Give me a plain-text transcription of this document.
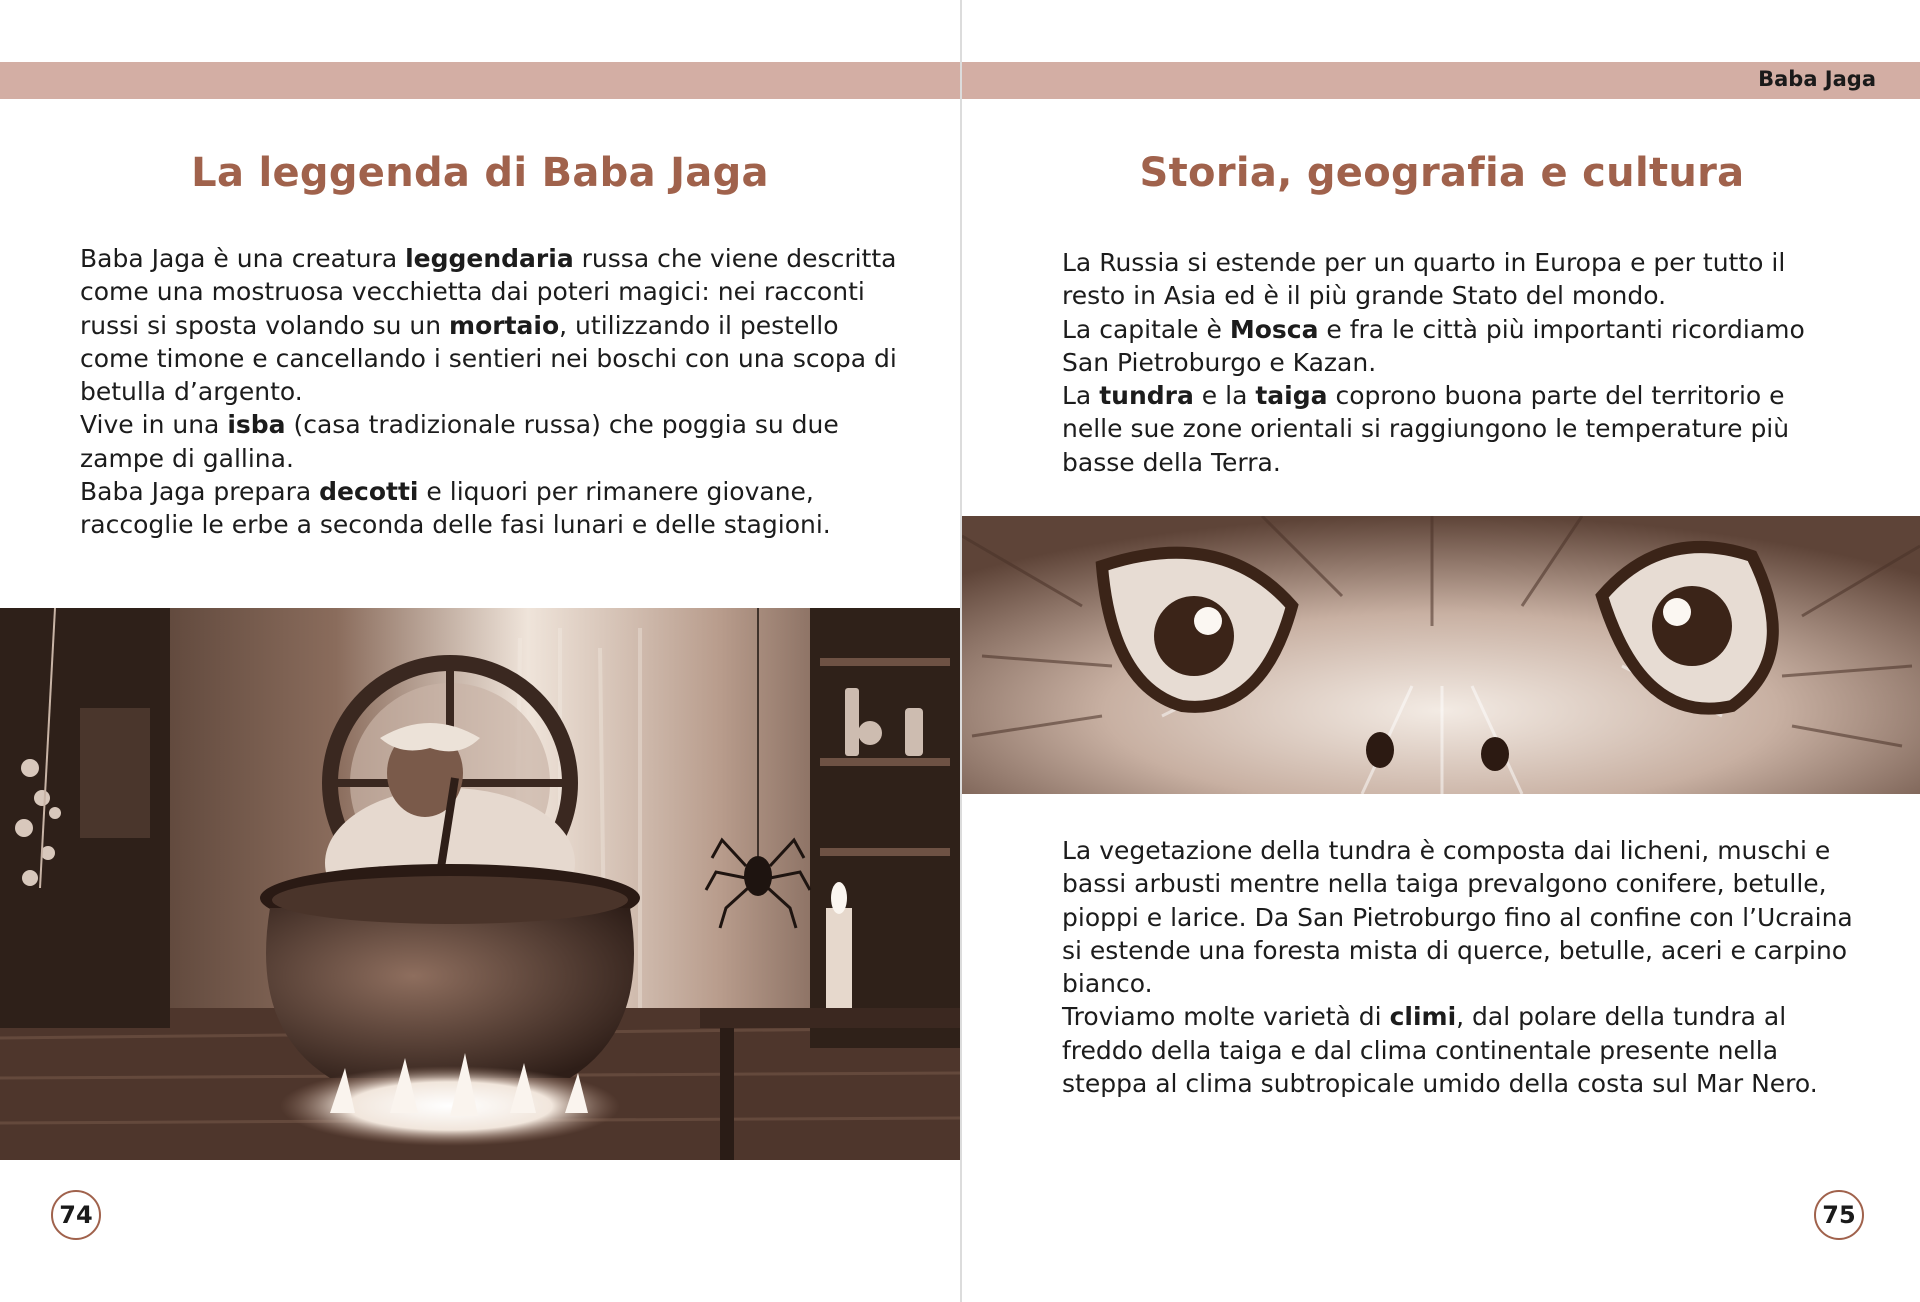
La leggenda di Baba Jaga

Baba Jaga è una creatura leggendaria russa che viene descritta come una mostruosa vecchietta dai poteri magici: nei racconti russi si sposta volando su un mortaio, utilizzando il pestello come timone e cancellando i sentieri nei boschi con una scopa di betulla d’argento.

Vive in una isba (casa tradizionale russa) che poggia su due zampe di gallina.

Baba Jaga prepara decotti e liquori per rimanere giovane, raccoglie le erbe a seconda delle fasi lunari e delle stagioni.

74
Baba Jaga
Storia, geografia e cultura

La Russia si estende per un quarto in Europa e per tutto il resto in Asia ed è il più grande Stato del mondo.

La capitale è Mosca e fra le città più importanti ricordiamo San Pietroburgo e Kazan.

La tundra e la taiga coprono buona parte del territorio e nelle sue zone orientali si raggiungono le temperature più basse della Terra.

La vegetazione della tundra è composta dai licheni, muschi e bassi arbusti mentre nella taiga prevalgono conifere, betulle, pioppi e larice. Da San Pietroburgo fino al confine con l’Ucraina si estende una foresta mista di querce, betulle, aceri e carpino bianco.

Troviamo molte varietà di climi, dal polare della tundra al freddo della taiga e dal clima continentale presente nella steppa al clima subtropicale umido della costa sul Mar Nero.

75
